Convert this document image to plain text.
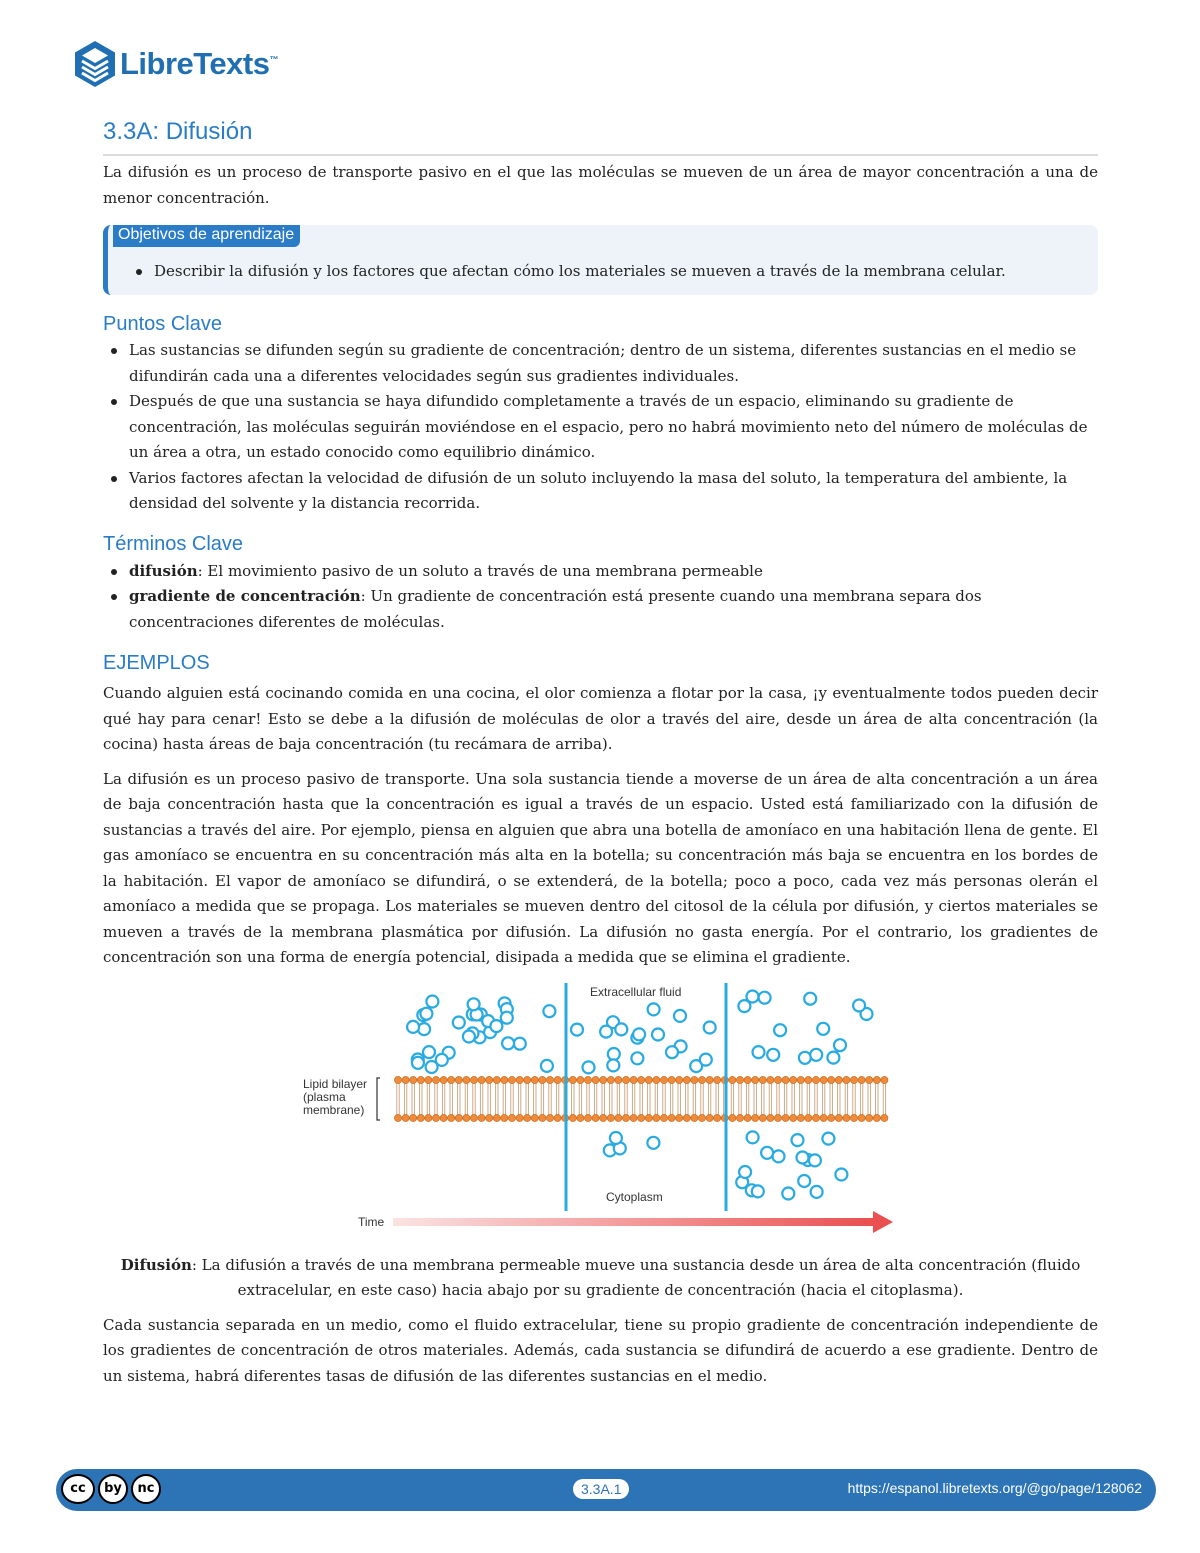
LibreTexts™
3.3A: Difusión

La difusión es un proceso de transporte pasivo en el que las moléculas se mueven de un área de mayor concentración a una de menor concentración.

Objetivos de aprendizaje
Describir la difusión y los factores que afectan cómo los materiales se mueven a través de la membrana celular.
Puntos Clave
Las sustancias se difunden según su gradiente de concentración; dentro de un sistema, diferentes sustancias en el medio se difundirán cada una a diferentes velocidades según sus gradientes individuales.
Después de que una sustancia se haya difundido completamente a través de un espacio, eliminando su gradiente de concentración, las moléculas seguirán moviéndose en el espacio, pero no habrá movimiento neto del número de moléculas de un área a otra, un estado conocido como equilibrio dinámico.
Varios factores afectan la velocidad de difusión de un soluto incluyendo la masa del soluto, la temperatura del ambiente, la densidad del solvente y la distancia recorrida.
Términos Clave
difusión: El movimiento pasivo de un soluto a través de una membrana permeable
gradiente de concentración: Un gradiente de concentración está presente cuando una membrana separa dos concentraciones diferentes de moléculas.
EJEMPLOS

Cuando alguien está cocinando comida en una cocina, el olor comienza a flotar por la casa, ¡y eventualmente todos pueden decir qué hay para cenar! Esto se debe a la difusión de moléculas de olor a través del aire, desde un área de alta concentración (la cocina) hasta áreas de baja concentración (tu recámara de arriba).

La difusión es un proceso pasivo de transporte. Una sola sustancia tiende a moverse de un área de alta concentración a un área de baja concentración hasta que la concentración es igual a través de un espacio. Usted está familiarizado con la difusión de sustancias a través del aire. Por ejemplo, piensa en alguien que abra una botella de amoníaco en una habitación llena de gente. El gas amoníaco se encuentra en su concentración más alta en la botella; su concentración más baja se encuentra en los bordes de la habitación. El vapor de amoníaco se difundirá, o se extenderá, de la botella; poco a poco, cada vez más personas olerán el amoníaco a medida que se propaga. Los materiales se mueven dentro del citosol de la célula por difusión, y ciertos materiales se mueven a través de la membrana plasmática por difusión. La difusión no gasta energía. Por el contrario, los gradientes de concentración son una forma de energía potencial, disipada a medida que se elimina el gradiente.

Extracellular fluid
Lipid bilayer
(plasma
membrane)
Cytoplasm
Time
Difusión: La difusión a través de una membrana permeable mueve una sustancia desde un área de alta concentración (fluido extracelular, en este caso) hacia abajo por su gradiente de concentración (hacia el citoplasma).

Cada sustancia separada en un medio, como el fluido extracelular, tiene su propio gradiente de concentración independiente de los gradientes de concentración de otros materiales. Además, cada sustancia se difundirá de acuerdo a ese gradiente. Dentro de un sistema, habrá diferentes tasas de difusión de las diferentes sustancias en el medio.

cc	by	nc	3.3A.1	https://espanol.libretexts.org/@go/page/128062
